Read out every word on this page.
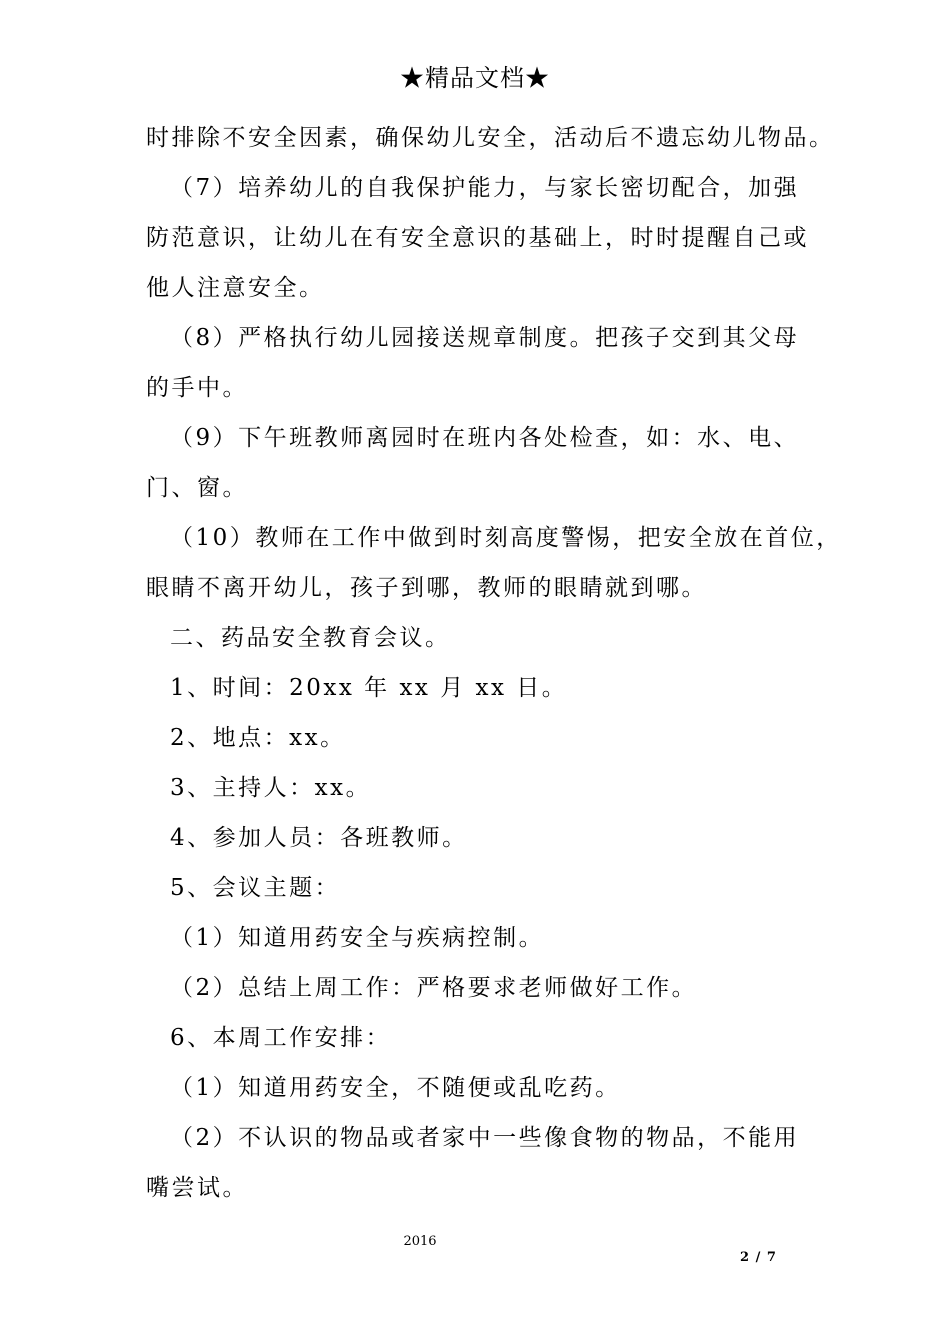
★精品文档★
时排除不安全因素，确保幼儿安全，活动后不遗忘幼儿物品。
（7）培养幼儿的自我保护能力，与家长密切配合，加强
防范意识，让幼儿在有安全意识的基础上，时时提醒自己或
他人注意安全。
（8）严格执行幼儿园接送规章制度。把孩子交到其父母
的手中。
（9）下午班教师离园时在班内各处检查，如：水、电、
门、窗。
（10）教师在工作中做到时刻高度警惕，把安全放在首位，
眼睛不离开幼儿，孩子到哪，教师的眼睛就到哪。
二、药品安全教育会议。
1、时间：20xx 年 xx 月 xx 日。
2、地点：xx。
3、主持人：xx。
4、参加人员：各班教师。
5、会议主题：
（1）知道用药安全与疾病控制。
（2）总结上周工作：严格要求老师做好工作。
6、本周工作安排：
（1）知道用药安全，不随便或乱吃药。
（2）不认识的物品或者家中一些像食物的物品，不能用
嘴尝试。
2016
2 / 7
